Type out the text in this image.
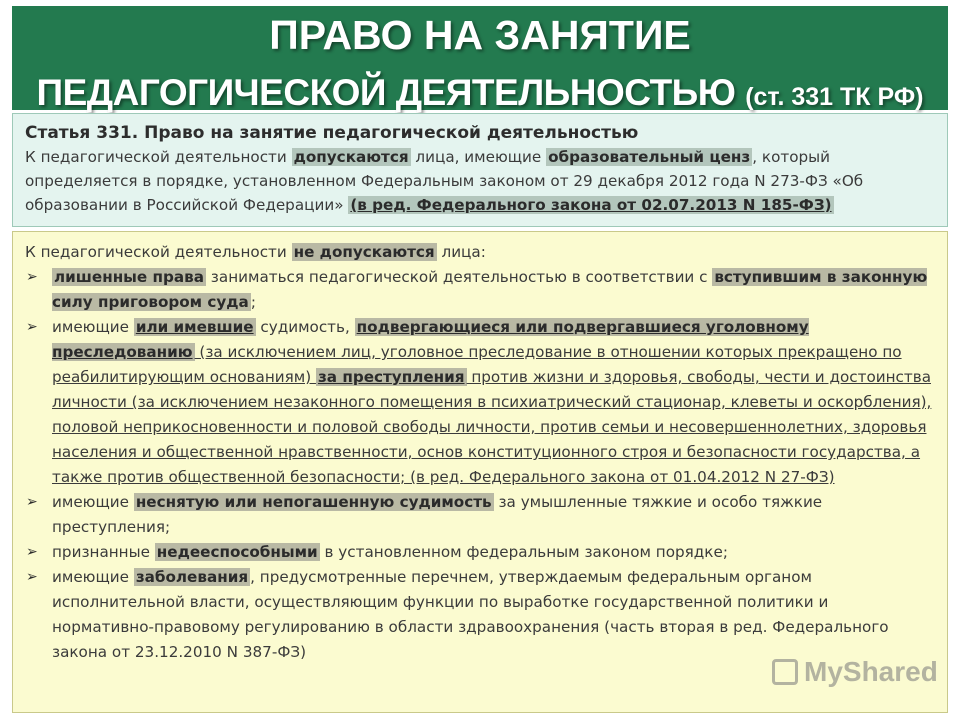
ПРАВО НА ЗАНЯТИЕ
ПЕДАГОГИЧЕСКОЙ ДЕЯТЕЛЬНОСТЬЮ (ст. 331 ТК РФ)
Статья 331. Право на занятие педагогической деятельностью
К педагогической деятельности допускаются лица, имеющие образовательный ценз , который определяется в порядке, установленном Федеральным законом от 29 декабря 2012 года N 273-ФЗ «Об образовании в Российской Федерации» (в ред. Федерального закона от 02.07.2013 N 185-ФЗ)
К педагогической деятельности не допускаются лица:
➢ лишенные права заниматься педагогической деятельностью в соответствии с вступившим в законную силу приговором суда ;
➢ имеющие или имевшие судимость, подвергающиеся или подвергавшиеся уголовному преследованию (за исключением лиц, уголовное преследование в отношении которых прекращено по реабилитирующим основаниям) за преступления против жизни и здоровья, свободы, чести и достоинства личности (за исключением незаконного помещения в психиатрический стационар, клеветы и оскорбления), половой неприкосновенности и половой свободы личности, против семьи и несовершеннолетних, здоровья населения и общественной нравственности, основ конституционного строя и безопасности государства, а также против общественной безопасности; (в ред. Федерального закона от 01.04.2012 N 27-ФЗ)
➢ имеющие неснятую или непогашенную судимость за умышленные тяжкие и особо тяжкие преступления;
➢ признанные недееспособными в установленном федеральным законом порядке;
➢ имеющие заболевания , предусмотренные перечнем, утверждаемым федеральным органом исполнительной власти, осуществляющим функции по выработке государственной политики и нормативно-правовому регулированию в области здравоохранения (часть вторая в ред. Федерального закона от 23.12.2010 N 387-ФЗ)
MyShared
